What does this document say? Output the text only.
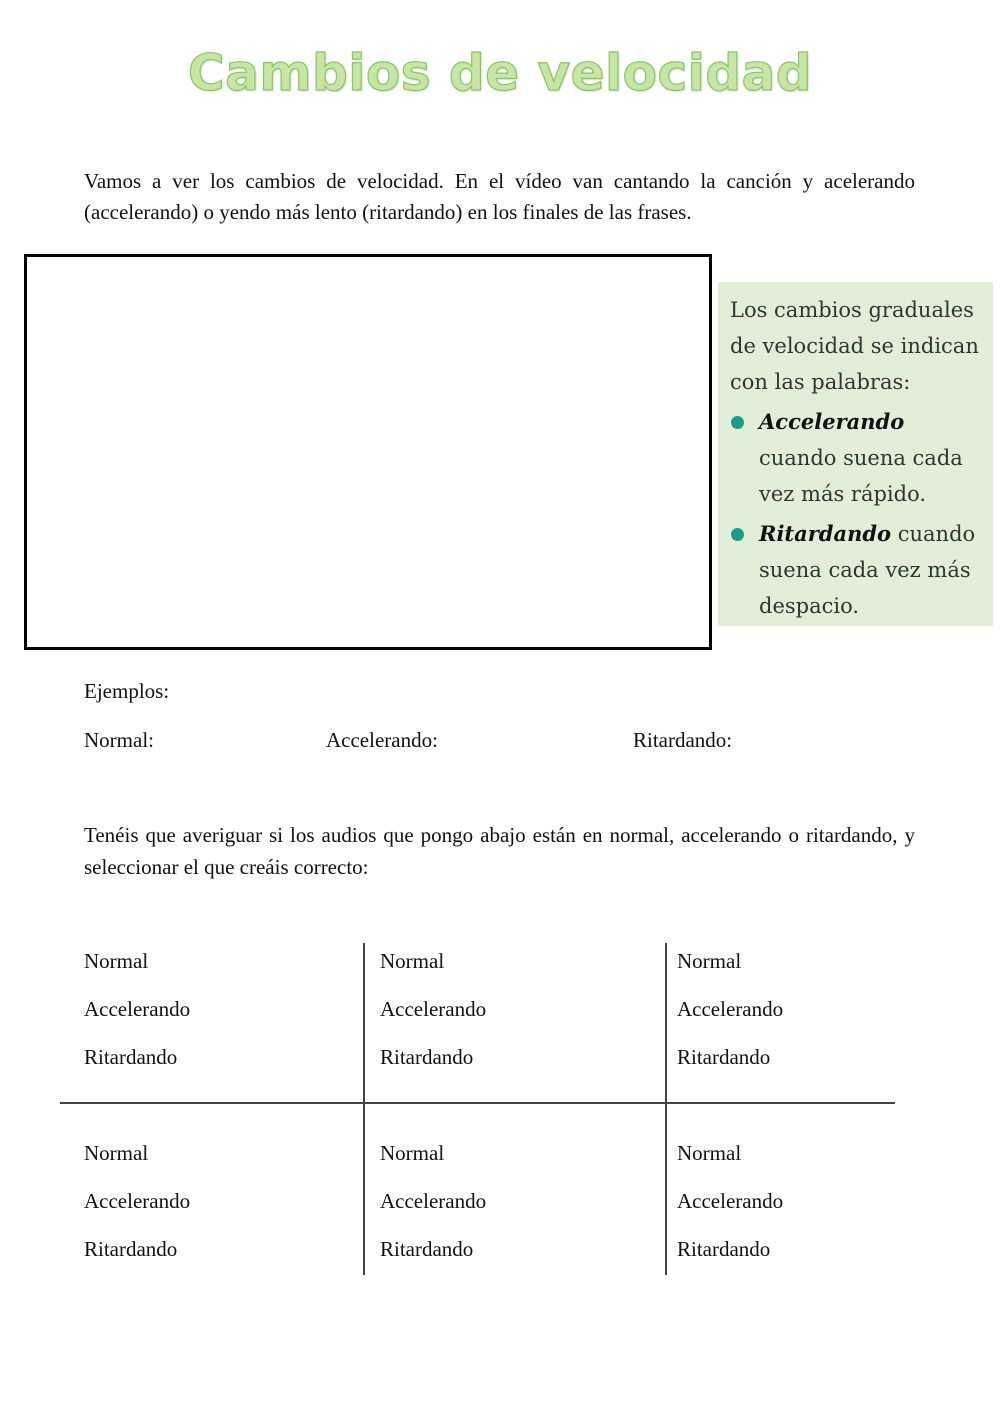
Cambios de velocidad
Vamos a ver los cambios de velocidad. En el vídeo van cantando la canción y acelerando (accelerando) o yendo más lento (ritardando) en los finales de las frases.

Los cambios graduales de velocidad se indican con las palabras:

Accelerando cuando suena cada vez más rápido.
Ritardando cuando suena cada vez más despacio.
Ejemplos:
Normal:	Accelerando:	Ritardando:
Tenéis que averiguar si los audios que pongo abajo están en normal, accelerando o ritardando, y seleccionar el que creáis correcto:
Normal
Accelerando
Ritardando
Normal
Accelerando
Ritardando
Normal
Accelerando
Ritardando
Normal
Accelerando
Ritardando
Normal
Accelerando
Ritardando
Normal
Accelerando
Ritardando
